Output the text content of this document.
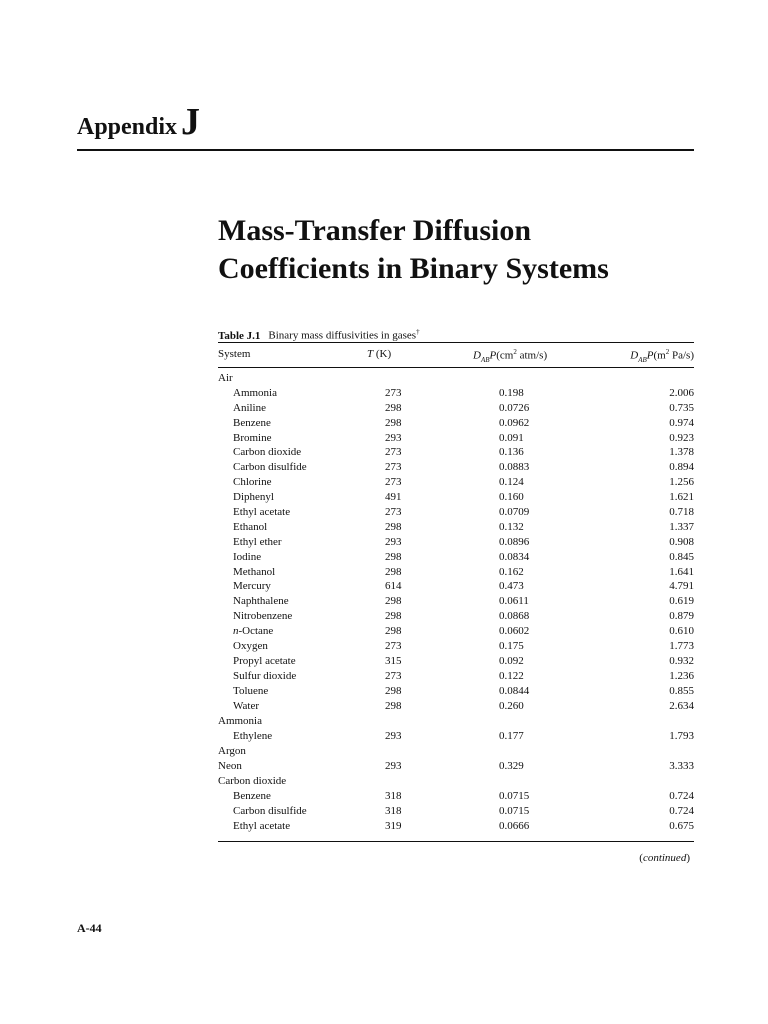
Appendix J
Mass-Transfer Diffusion
Coefficients in Binary Systems
Table J.1 Binary mass diffusivities in gases†
System	T (K)	$D_{AB}P(cm^2$ atm/s)	$D_{AB}P(m^2$ Pa/s)
Air
Ammonia	273	0.198	2.006
Aniline	298	0.0726	0.735
Benzene	298	0.0962	0.974
Bromine	293	0.091	0.923
Carbon dioxide	273	0.136	1.378
Carbon disulfide	273	0.0883	0.894
Chlorine	273	0.124	1.256
Diphenyl	491	0.160	1.621
Ethyl acetate	273	0.0709	0.718
Ethanol	298	0.132	1.337
Ethyl ether	293	0.0896	0.908
Iodine	298	0.0834	0.845
Methanol	298	0.162	1.641
Mercury	614	0.473	4.791
Naphthalene	298	0.0611	0.619
Nitrobenzene	298	0.0868	0.879
n-Octane	298	0.0602	0.610
Oxygen	273	0.175	1.773
Propyl acetate	315	0.092	0.932
Sulfur dioxide	273	0.122	1.236
Toluene	298	0.0844	0.855
Water	298	0.260	2.634
Ammonia
Ethylene	293	0.177	1.793
Argon
Neon	293	0.329	3.333
Carbon dioxide
Benzene	318	0.0715	0.724
Carbon disulfide	318	0.0715	0.724
Ethyl acetate	319	0.0666	0.675
(continued)
A-44
